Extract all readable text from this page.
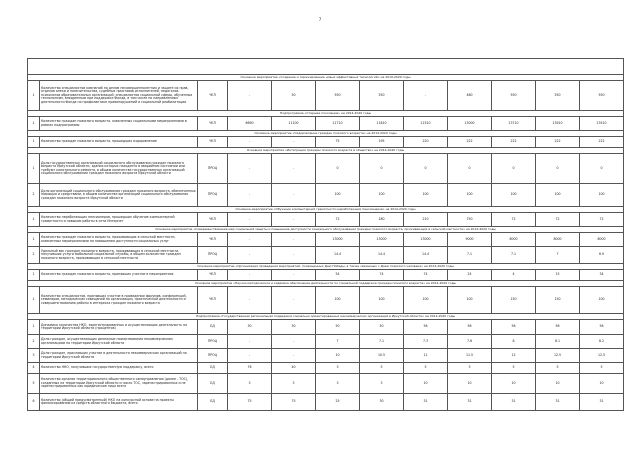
7

Основное мероприятие «Создание и тиражирование новых эффективных технологий» на 2019-2020 годы											
1	Количество специалистов компаний по делам несовершеннолетних и защите их прав, отделов опеки и попечительства, судебных приставов исполнителей, педагогов-психологов образовательных организаций, специалистов социальной сферы, обученных технологиям, внедренным при поддержке Фонда, в том числе по направлениям деятельности Фонда по профилактике правонарушений и социальной реабилитации	ЧЕЛ	-	50	550	550	-	480	550	550	550
Подпрограмма «Старшее поколение» на 2014-2020 годы											
1	Количество граждан пожилого возраста, охваченных социальными мероприятиями в рамках подпрограммы	ЧЕЛ	6690	11100	11710	11810	11510	13000	13710	13910	13510
Основное мероприятие «Оздоровление граждан пожилого возраста» на 2014-2020 годы											
1	Количество граждан пожилого возраста, прошедших оздоровление	ЧЕЛ	-	-	75	195	220	222	222	222	222
Основное мероприятие «Интеграция граждан пожилого возраста в общество» на 2014-2020 годы											
1	Доля государственных организаций социального обслуживания граждан пожилого возраста Иркутской области, здания которых находятся в аварийном состоянии или требуют капитального ремонта, в общем количестве государственных организаций социального обслуживания граждан пожилого возраста Иркутской области	ПРОЦ	-	-	0	0	0	0	0	0	0
2	Доля организаций социального обслуживания граждан пожилого возраста, обеспеченных помощью и средствами, в общем количестве организаций социального обслуживания граждан пожилого возраста Иркутской области	ПРОЦ	-	-	100	100	100	100	100	100	100
Основное мероприятие «Обучение компьютерной грамотности неработающих пенсионеров» на 2014-2020 годы											
1	Количество неработающих пенсионеров, прошедших обучение компьютерной грамотности и навыкам работы в сети Интернет	ЧЕЛ	-	-	72	180	210	750	72	72	72
Основное мероприятие «Совершенствование мер социальной защиты и повышение доступности социального обслуживания граждан пожилого возраста, проживающих в сельской местности» на 2014-2020 годы											
1	Количество граждан пожилого возраста, проживающих в сельской местности, охваченных мероприятиями по повышению доступности социальных услуг	ЧЕЛ	-	-	13000	13000	13000	9000	8000	8000	8000
2	Удельный вес граждан пожилого возраста, проживающих в сельской местности, получивших услуги мобильной социальной службы, в общем количестве граждан пожилого возраста, проживающих в сельской местности	ПРОЦ	-	-	14.4	14.4	14.4	7.1	7.1	7	6.9
Основное мероприятие «Организация проведения мероприятий, посвященных Дню Победы, а также связанных с Днем пожилого человека» на 2014-2020 годы											
1	Количество граждан пожилого возраста, принявших участие в мероприятиях	ЧЕЛ	-	-	54	74	74	24	4	15	34
Основное мероприятие «Научно-методическое и кадровое обеспечение деятельности по социальной поддержке граждан пожилого возраста» на 2014-2020 годы											
1	Количество специалистов, принявших участие в проведении форумов, конференций, семинаров, методических совещаний по организации, практической деятельности и совершенствованию работы в интересах граждан пожилого возраста	ЧЕЛ	-	-	100	100	100	100	150	150	100
Подпрограмма «Государственная региональная поддержка социально ориентированных некоммерческих организаций в Иркутской области» на 2014-2020 годы											
1	Динамика количества НКО, зарегистрированных и осуществляющих деятельность на территории Иркутской области (процентов)	ЕД	30	30	50	50	56	56	56	56	56
2	Доля граждан, осуществляющих денежные пожертвования некоммерческим организациям на территории Иркутской области	ПРОЦ	-	-	7	7.1	7.3	7.6	8	8.1	8.2
3	Доля граждан, приславших участие в деятельности некоммерческих организаций на территории Иркутской области	ПРОЦ	-	-	10	10.5	11	11.5	12	12.5	12.5
4	Количество НКО, получивших государственную поддержку, всего	ЕД	76	40	3	5	5	3	5	5	5
5	Количество органов территориального общественного самоуправления (далее - ТОС), созданных на территории Иркутской области и число ТОС, зарегистрированных и не зарегистрированных как юридическое лицо всего	ЕД	3	3	3	3	10	10	10	10	10
6	Количество (общий предусмотренный) НКО на конкурсной основе на проекты финансированию из средств областного бюджета, всего	ЕД	75	75	25	30	31	31	31	31	31
